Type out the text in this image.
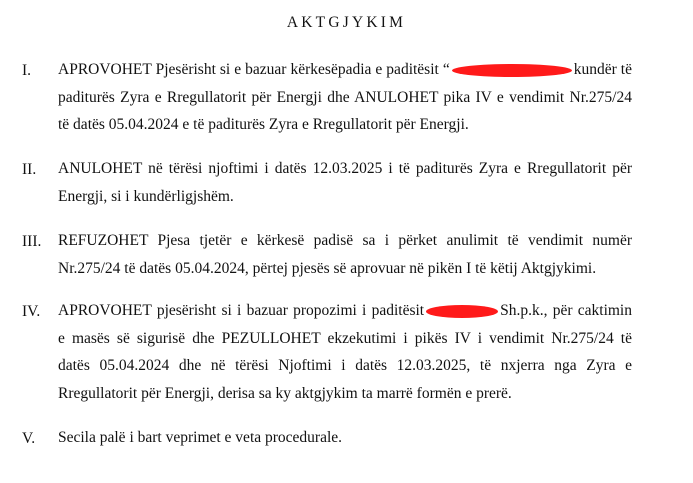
AKTGJYKIM
I. APROVOHET Pjesërisht si e bazuar kërkesëpadia e paditësit “	kundër të
paditurës Zyra e Rregullatorit për Energji dhe ANULOHET pika IV e vendimit Nr.275/24
të datës 05.04.2024 e të paditurës Zyra e Rregullatorit për Energji.
II. ANULOHET në tërësi njoftimi i datës 12.03.2025 i të paditurës Zyra e Rregullatorit për
Energji, si i kundërligjshëm.
III. REFUZOHET Pjesa tjetër e kërkesë padisë sa i përket anulimit të vendimit numër
Nr.275/24 të datës 05.04.2024, përtej pjesës së aprovuar në pikën I të këtij Aktgjykimi.
IV. APROVOHET pjesërisht si i bazuar propozimi i paditësit	Sh.p.k., për caktimin
e masës së sigurisë dhe PEZULLOHET ekzekutimi i pikës IV i vendimit Nr.275/24 të
datës 05.04.2024 dhe në tërësi Njoftimi i datës 12.03.2025, të nxjerra nga Zyra e
Rregullatorit për Energji, derisa sa ky aktgjykim ta marrë formën e prerë.
V. Secila palë i bart veprimet e veta procedurale.
